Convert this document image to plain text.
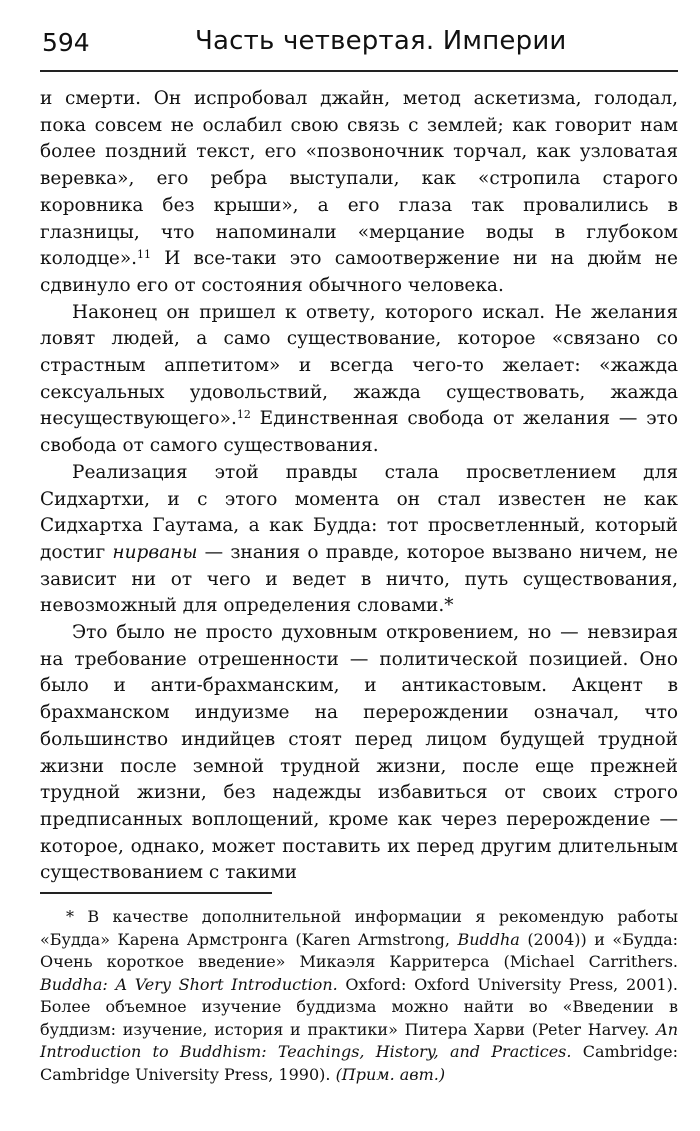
594	Часть четвертая. Империи

и смерти. Он испробовал джайн, метод аскетизма, голодал, пока совсем не ослабил свою связь с землей; как говорит нам более поздний текст, его «позвоночник торчал, как узловатая веревка», его ребра выступали, как «стропила старого коровника без крыши», а его глаза так провалились в глазницы, что напоминали «мерцание воды в глубоком колодце».$^{11}$ И все-таки это самоотвержение ни на дюйм не сдвинуло его от состояния обычного человека.

Наконец он пришел к ответу, которого искал. Не желания ловят людей, а само существование, которое «связано со страстным аппетитом» и всегда чего-то желает: «жажда сексуальных удовольствий, жажда существовать, жажда несуществующего».$^{12}$ Единственная свобода от желания — это свобода от самого существования.

Реализация этой правды стала просветлением для Сидхартхи, и с этого момента он стал известен не как Сидхартха Гаутама, а как Будда: тот просветленный, который достиг нирваны — знания о правде, которое вызвано ничем, не зависит ни от чего и ведет в ничто, путь существования, невозможный для определения словами.*

Это было не просто духовным откровением, но — невзирая на требование отрешенности — политической позицией. Оно было и анти-брахманским, и антикастовым. Акцент в брахманском индуизме на перерождении означал, что большинство индийцев стоят перед лицом будущей трудной жизни после земной трудной жизни, после еще прежней трудной жизни, без надежды избавиться от своих строго предписанных воплощений, кроме как через перерождение — которое, однако, может поставить их перед другим длительным существованием с такими

* В качестве дополнительной информации я рекомендую работы «Будда» Карена Армстронга (Karen Armstrong, Buddha (2004)) и «Будда: Очень короткое введение» Микаэля Карритерса (Michael Carrithers. Buddha: A Very Short Introduction. Oxford: Oxford University Press, 2001). Более объемное изучение буддизма можно найти во «Введении в буддизм: изучение, история и практики» Питера Харви (Peter Harvey. An Introduction to Buddhism: Teachings, History, and Practices. Cambridge: Cambridge University Press, 1990). (Прим. авт.)
